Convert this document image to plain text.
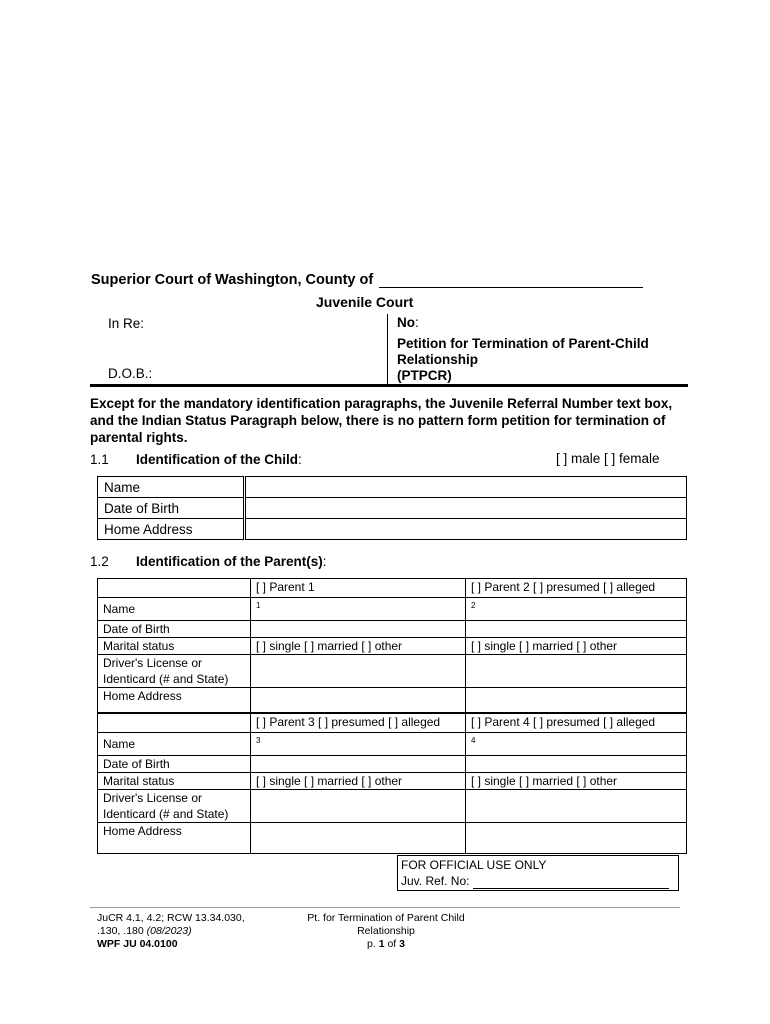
Superior Court of Washington, County of
Juvenile Court
In Re:
D.O.B.:
No:
Petition for Termination of Parent-Child
Relationship
(PTPCR)
Except for the mandatory identification paragraphs, the Juvenile Referral Number text box, and the Indian Status Paragraph below, there is no pattern form petition for termination of parental rights.
1.1 Identification of the Child:	[ ] male [ ] female
Name	
Date of Birth	
Home Address	
1.2 Identification of the Parent(s):
	[ ] Parent 1	[ ] Parent 2 [ ] presumed [ ] alleged
Name	1	2
Date of Birth		
Marital status	[ ] single [ ] married [ ] other	[ ] single [ ] married [ ] other

Driver's License or
Identicard (# and State)		

Home Address		
	[ ] Parent 3 [ ] presumed [ ] alleged	[ ] Parent 4 [ ] presumed [ ] alleged
Name	3	4
Date of Birth		
Marital status	[ ] single [ ] married [ ] other	[ ] single [ ] married [ ] other

Driver's License or
Identicard (# and State)		

Home Address		
FOR OFFICIAL USE ONLY
Juv. Ref. No:
JuCR 4.1, 4.2; RCW 13.34.030,
.130, .180 (08/2023)
WPF JU 04.0100
Pt. for Termination of Parent Child
Relationship
p. 1 of 3
